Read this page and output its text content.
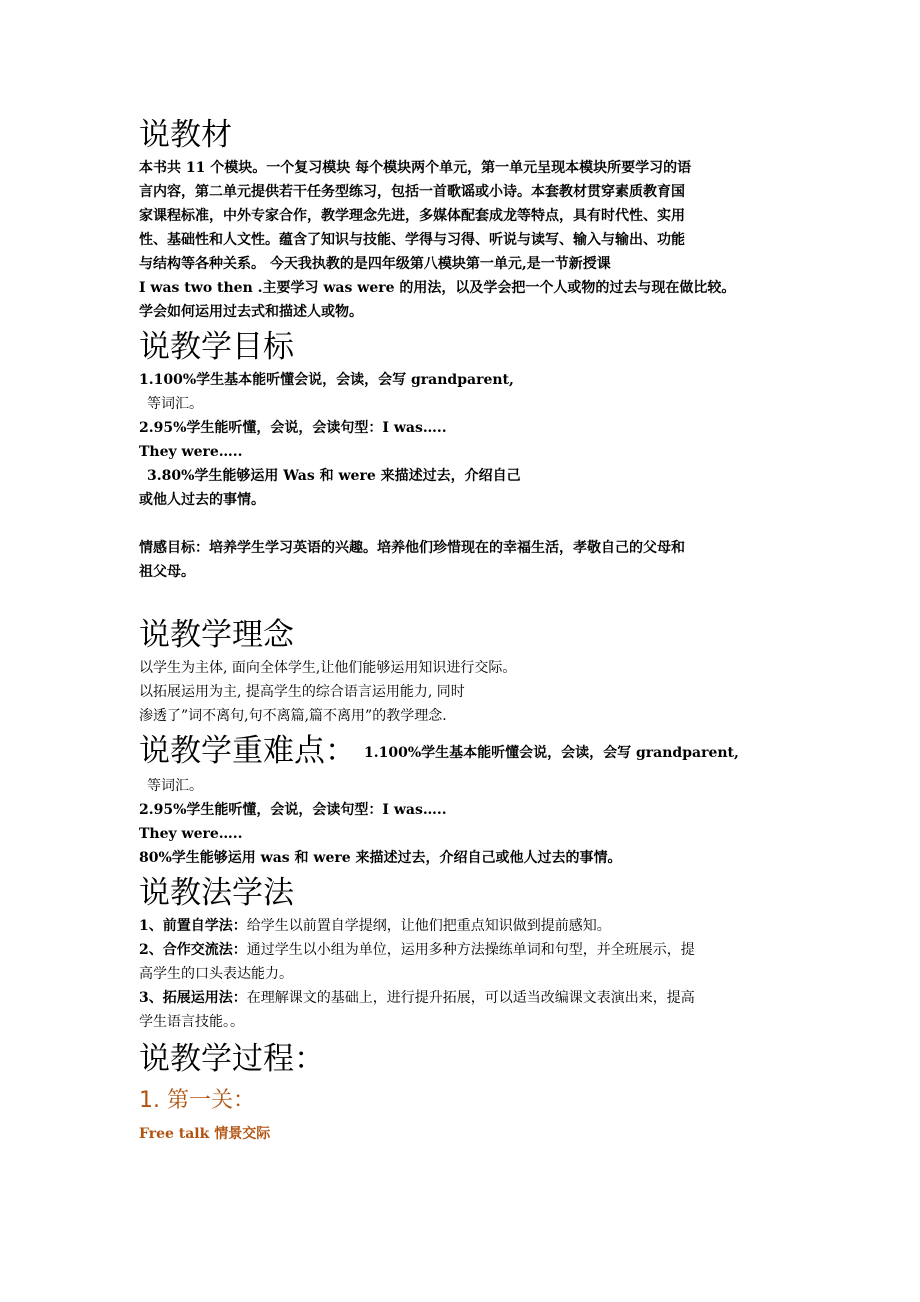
说教材

本书共 11 个模块。一个复习模块 每个模块两个单元，第一单元呈现本模块所要学习的语

言内容，第二单元提供若干任务型练习，包括一首歌谣或小诗。本套教材贯穿素质教育国

家课程标准，中外专家合作，教学理念先进，多媒体配套成龙等特点，具有时代性、实用

性、基础性和人文性。蕴含了知识与技能、学得与习得、听说与读写、输入与输出、功能

与结构等各种关系。 今天我执教的是四年级第八模块第一单元,是一节新授课

I was two then .主要学习 was were 的用法，以及学会把一个人或物的过去与现在做比较。

学会如何运用过去式和描述人或物。

说教学目标

1.100%学生基本能听懂会说，会读，会写 grandparent,

等词汇。

2.95%学生能听懂，会说，会读句型：I was…..

They were…..

3.80%学生能够运用 Was 和 were 来描述过去，介绍自己

或他人过去的事情。

情感目标：培养学生学习英语的兴趣。培养他们珍惜现在的幸福生活，孝敬自己的父母和

祖父母。

说教学理念

以学生为主体, 面向全体学生,让他们能够运用知识进行交际。

以拓展运用为主, 提高学生的综合语言运用能力, 同时

渗透了”词不离句,句不离篇,篇不离用”的教学理念.

说教学重难点： 1.100%学生基本能听懂会说，会读，会写 grandparent,

等词汇。

2.95%学生能听懂，会说，会读句型：I was…..

They were…..

80%学生能够运用 was 和 were 来描述过去，介绍自己或他人过去的事情。

说教法学法

1、前置自学法：给学生以前置自学提纲，让他们把重点知识做到提前感知。

2、合作交流法：通过学生以小组为单位，运用多种方法操练单词和句型，并全班展示，提

高学生的口头表达能力。

3、拓展运用法：在理解课文的基础上，进行提升拓展，可以适当改编课文表演出来，提高

学生语言技能。。

说教学过程：
1. 第一关：

Free talk 情景交际
